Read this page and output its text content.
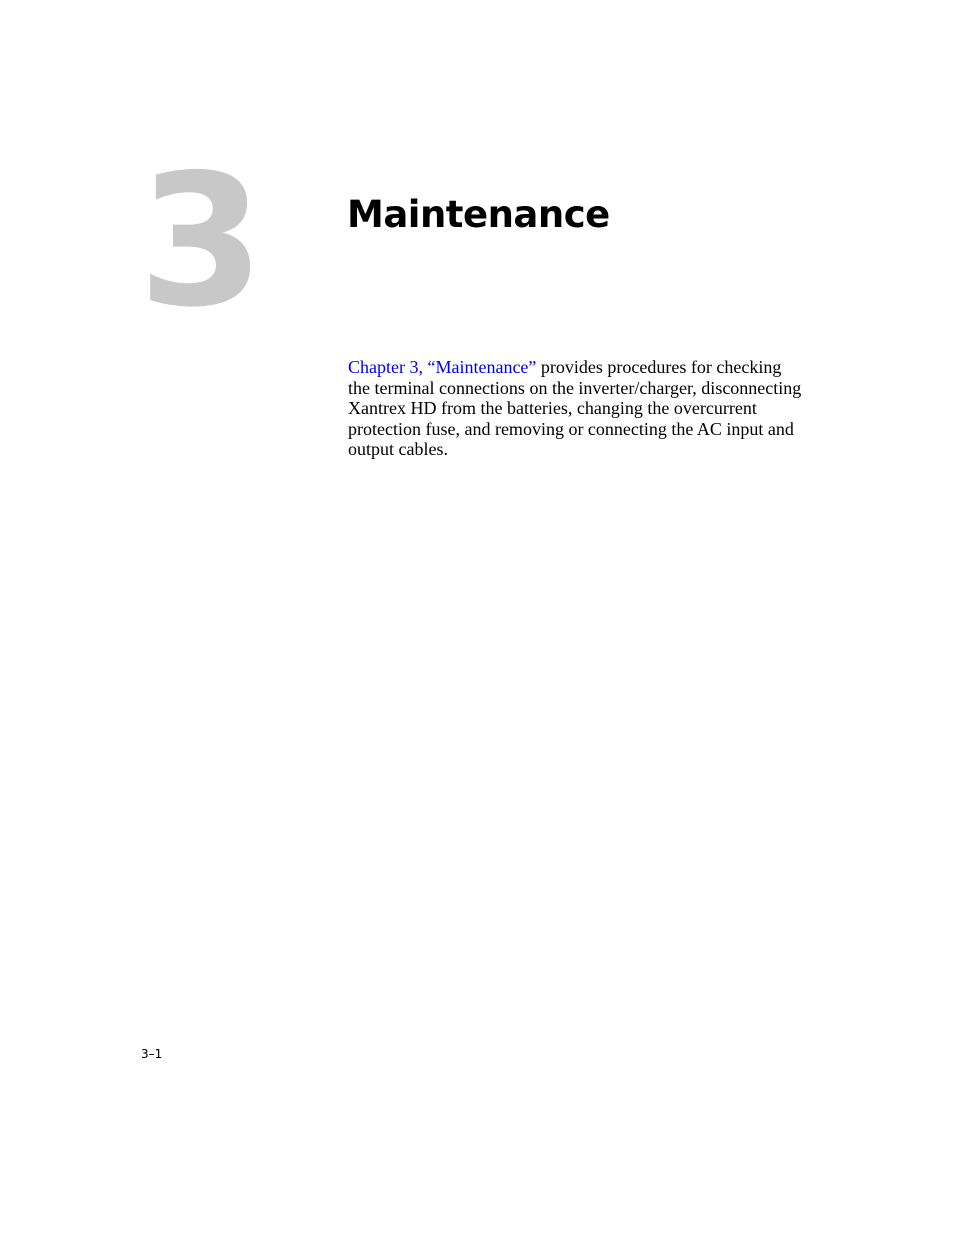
3 Maintenance

Chapter 3, “Maintenance” provides procedures for checking the terminal connections on the inverter/charger, disconnecting Xantrex HD from the batteries, changing the overcurrent protection fuse, and removing or connecting the AC input and output cables.

3–1
